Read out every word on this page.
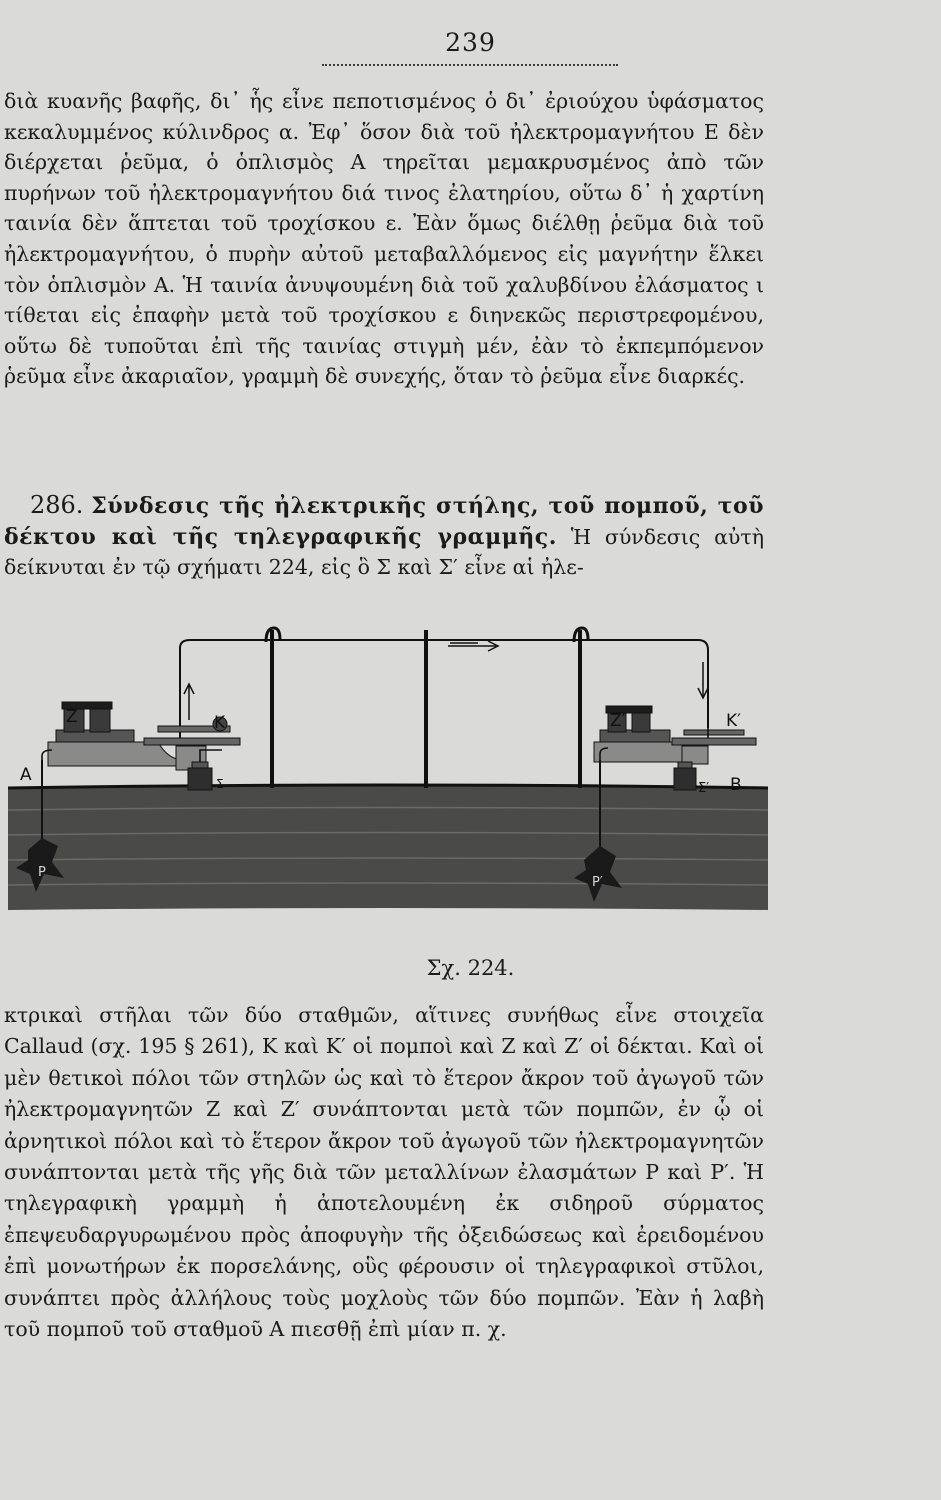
239

διὰ κυανῆς βαφῆς, δι᾽ ἧς εἶνε πεποτισμένος ὁ δι᾽ ἐριούχου ὑφάσματος κεκαλυμμένος κύλινδρος α. Ἐφ᾽ ὅσον διὰ τοῦ ἠλεκτρομαγνήτου Ε δὲν διέρχεται ῥεῦμα, ὁ ὁπλισμὸς Α τηρεῖται μεμακρυσμένος ἀπὸ τῶν πυρήνων τοῦ ἠλεκτρομαγνήτου διά τινος ἐλατηρίου, οὕτω δ᾽ ἡ χαρτίνη ταινία δὲν ἅπτεται τοῦ τροχίσκου ε. Ἐὰν ὅμως διέλθῃ ῥεῦμα διὰ τοῦ ἠλεκτρομαγνήτου, ὁ πυρὴν αὐτοῦ μεταβαλλόμενος εἰς μαγνήτην ἕλκει τὸν ὁπλισμὸν Α. Ἡ ταινία ἀνυψουμένη διὰ τοῦ χαλυβδίνου ἐλάσματος ι τίθεται εἰς ἐπαφὴν μετὰ τοῦ τροχίσκου ε διηνεκῶς περιστρεφομένου, οὕτω δὲ τυποῦται ἐπὶ τῆς ταινίας στιγμὴ μέν, ἐὰν τὸ ἐκπεμπόμενον ῥεῦμα εἶνε ἀκαριαῖον, γραμμὴ δὲ συνεχής, ὅταν τὸ ῥεῦμα εἶνε διαρκές.

286. Σύνδεσις τῆς ἠλεκτρικῆς στήλης, τοῦ πομποῦ, τοῦ δέκτου καὶ τῆς τηλεγραφικῆς γραμμῆς. Ἡ σύνδεσις αὐτὴ δείκνυται ἐν τῷ σχήματι 224, εἰς ὃ Σ καὶ Σ′ εἶνε αἱ ἠλε-

Z	K
A	Σ
P
Z′	K′
Σ′ B
P′
Σχ. 224.

κτρικαὶ στῆλαι τῶν δύο σταθμῶν, αἵτινες συνήθως εἶνε στοιχεῖα Callaud (σχ. 195 § 261), Κ καὶ Κ′ οἱ πομποὶ καὶ Ζ καὶ Ζ′ οἱ δέκται. Καὶ οἱ μὲν θετικοὶ πόλοι τῶν στηλῶν ὡς καὶ τὸ ἕτερον ἄκρον τοῦ ἀγωγοῦ τῶν ἠλεκτρομαγνητῶν Ζ καὶ Ζ′ συνάπτονται μετὰ τῶν πομπῶν, ἐν ᾧ οἱ ἀρνητικοὶ πόλοι καὶ τὸ ἕτερον ἄκρον τοῦ ἀγωγοῦ τῶν ἠλεκτρομαγνητῶν συνάπτονται μετὰ τῆς γῆς διὰ τῶν μεταλλίνων ἐλασμάτων Ρ καὶ Ρ′. Ἡ τηλεγραφικὴ γραμμὴ ἡ ἀποτελουμένη ἐκ σιδηροῦ σύρματος ἐπεψευδαργυρωμένου πρὸς ἀποφυγὴν τῆς ὀξειδώσεως καὶ ἐρειδομένου ἐπὶ μονωτήρων ἐκ πορσελάνης, οὓς φέρουσιν οἱ τηλεγραφικοὶ στῦλοι, συνάπτει πρὸς ἀλλήλους τοὺς μοχλοὺς τῶν δύο πομπῶν. Ἐὰν ἡ λαβὴ τοῦ πομποῦ τοῦ σταθμοῦ Α πιεσθῇ ἐπὶ μίαν π. χ.
